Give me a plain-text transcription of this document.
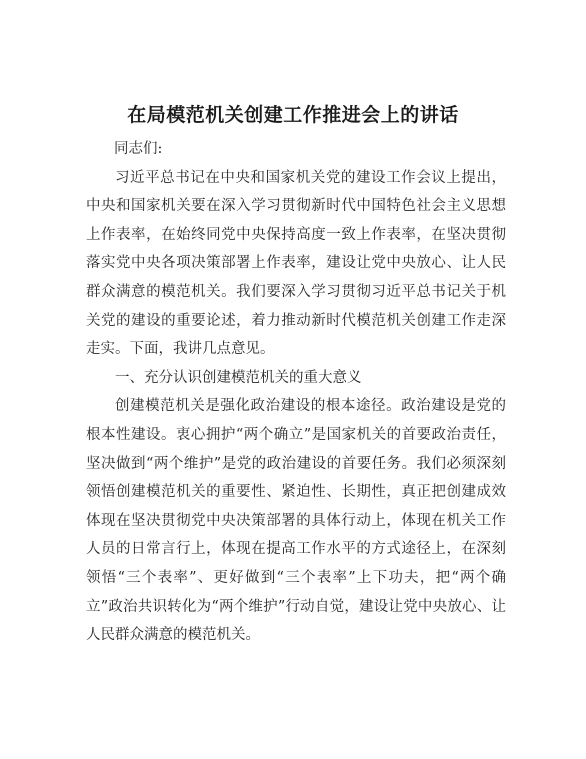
在局模范机关创建工作推进会上的讲话

同志们:

习近平总书记在中央和国家机关党的建设工作会议上提出，中央和国家机关要在深入学习贯彻新时代中国特色社会主义思想上作表率，在始终同党中央保持高度一致上作表率，在坚决贯彻落实党中央各项决策部署上作表率，建设让党中央放心、让人民群众满意的模范机关。我们要深入学习贯彻习近平总书记关于机关党的建设的重要论述，着力推动新时代模范机关创建工作走深走实。下面，我讲几点意见。

一、充分认识创建模范机关的重大意义

创建模范机关是强化政治建设的根本途径。政治建设是党的根本性建设。衷心拥护“两个确立”是国家机关的首要政治责任，坚决做到“两个维护”是党的政治建设的首要任务。我们必须深刻领悟创建模范机关的重要性、紧迫性、长期性，真正把创建成效体现在坚决贯彻党中央决策部署的具体行动上，体现在机关工作人员的日常言行上，体现在提高工作水平的方式途径上，在深刻领悟“三个表率”、更好做到“三个表率”上下功夫，把“两个确立”政治共识转化为“两个维护”行动自觉，建设让党中央放心、让人民群众满意的模范机关。
